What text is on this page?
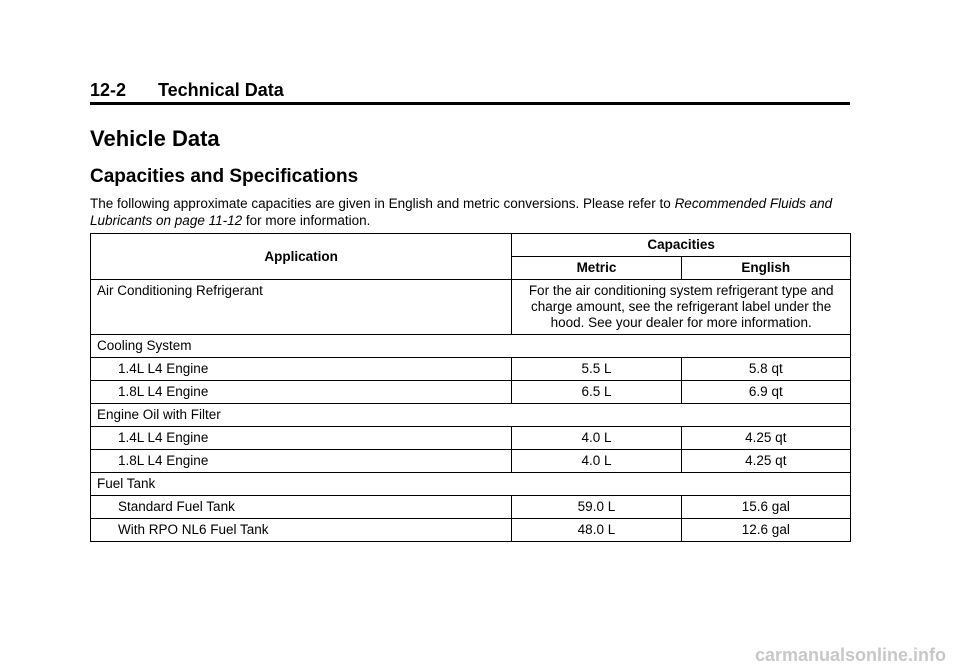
12-2 Technical Data
Vehicle Data
Capacities and Specifications

The following approximate capacities are given in English and metric conversions. Please refer to Recommended Fluids and Lubricants on page 11-12 for more information.

Application	Capacities	
	Metric	English
Air Conditioning Refrigerant	For the air conditioning system refrigerant type and charge amount, see the refrigerant label under the hood. See your dealer for more information.	
Cooling System		
1.4L L4 Engine	5.5 L	5.8 qt
1.8L L4 Engine	6.5 L	6.9 qt
Engine Oil with Filter		
1.4L L4 Engine	4.0 L	4.25 qt
1.8L L4 Engine	4.0 L	4.25 qt
Fuel Tank		
Standard Fuel Tank	59.0 L	15.6 gal
With RPO NL6 Fuel Tank	48.0 L	12.6 gal
carmanualsonline.info
